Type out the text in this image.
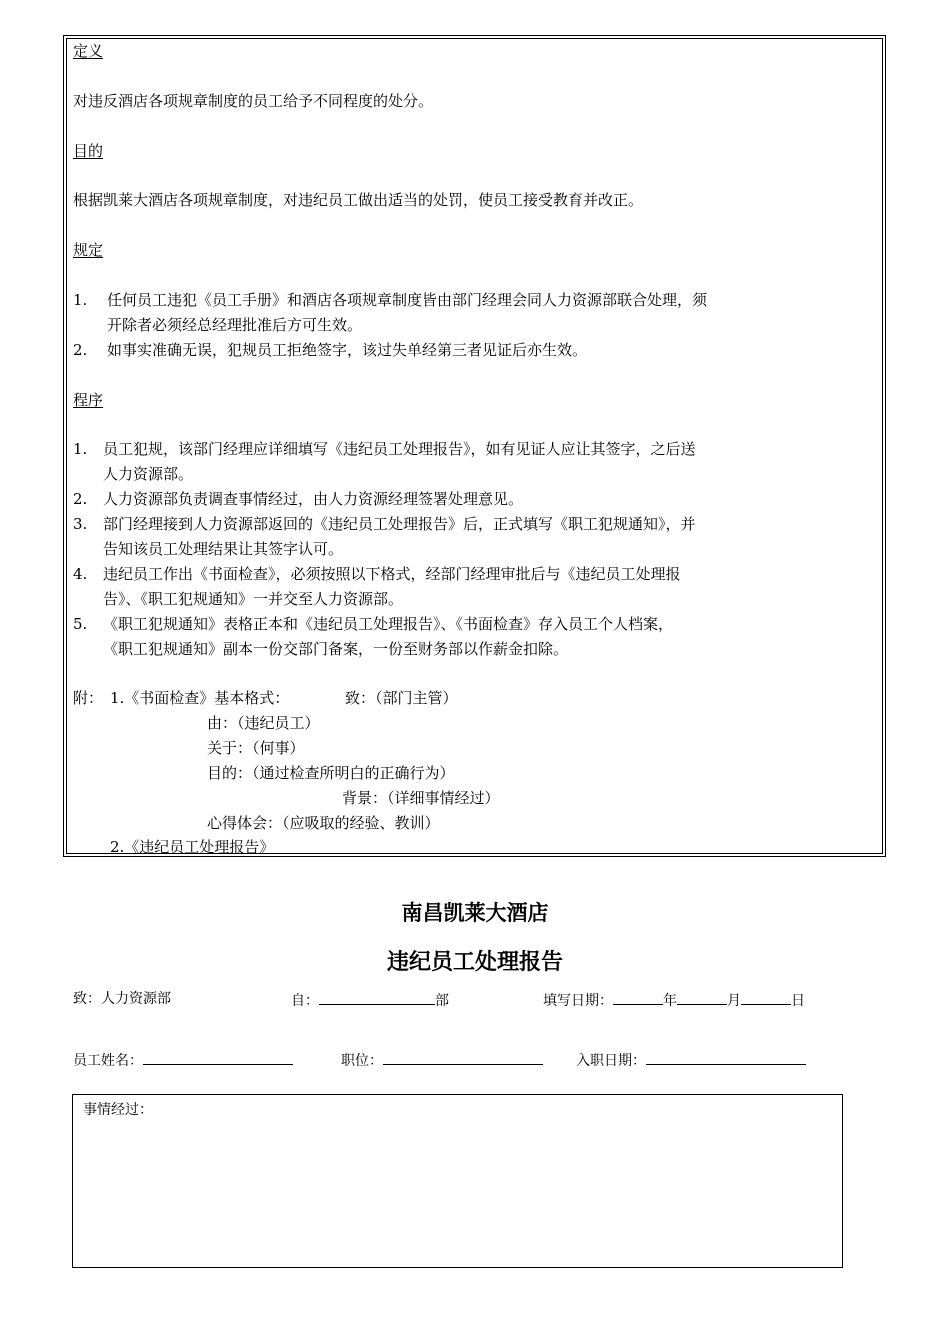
定义
对违反酒店各项规章制度的员工给予不同程度的处分。
目的
根据凯莱大酒店各项规章制度，对违纪员工做出适当的处罚，使员工接受教育并改正。
规定
1. 任何员工违犯《员工手册》和酒店各项规章制度皆由部门经理会同人力资源部联合处理，须
开除者必须经总经理批准后方可生效。
2. 如事实准确无误，犯规员工拒绝签字，该过失单经第三者见证后亦生效。
程序
1. 员工犯规，该部门经理应详细填写《违纪员工处理报告》，如有见证人应让其签字，之后送
人力资源部。
2. 人力资源部负责调查事情经过，由人力资源经理签署处理意见。
3. 部门经理接到人力资源部返回的《违纪员工处理报告》后，正式填写《职工犯规通知》，并
告知该员工处理结果让其签字认可。
4. 违纪员工作出《书面检查》，必须按照以下格式，经部门经理审批后与《违纪员工处理报
告》、《职工犯规通知》一并交至人力资源部。
5. 《职工犯规通知》表格正本和《违纪员工处理报告》、《书面检查》存入员工个人档案，
《职工犯规通知》副本一份交部门备案，一份至财务部以作薪金扣除。
附： 1.《书面检查》基本格式：	致：（部门主管）
由：（违纪员工）
关于：（何事）
目的：（通过检查所明白的正确行为）
背景：（详细事情经过）
心得体会：（应吸取的经验、教训）
2.《违纪员工处理报告》
南昌凯莱大酒店
违纪员工处理报告
致：人力资源部	自：	部	填写日期：	年	月	日
员工姓名：	职位：	入职日期：
事情经过：
